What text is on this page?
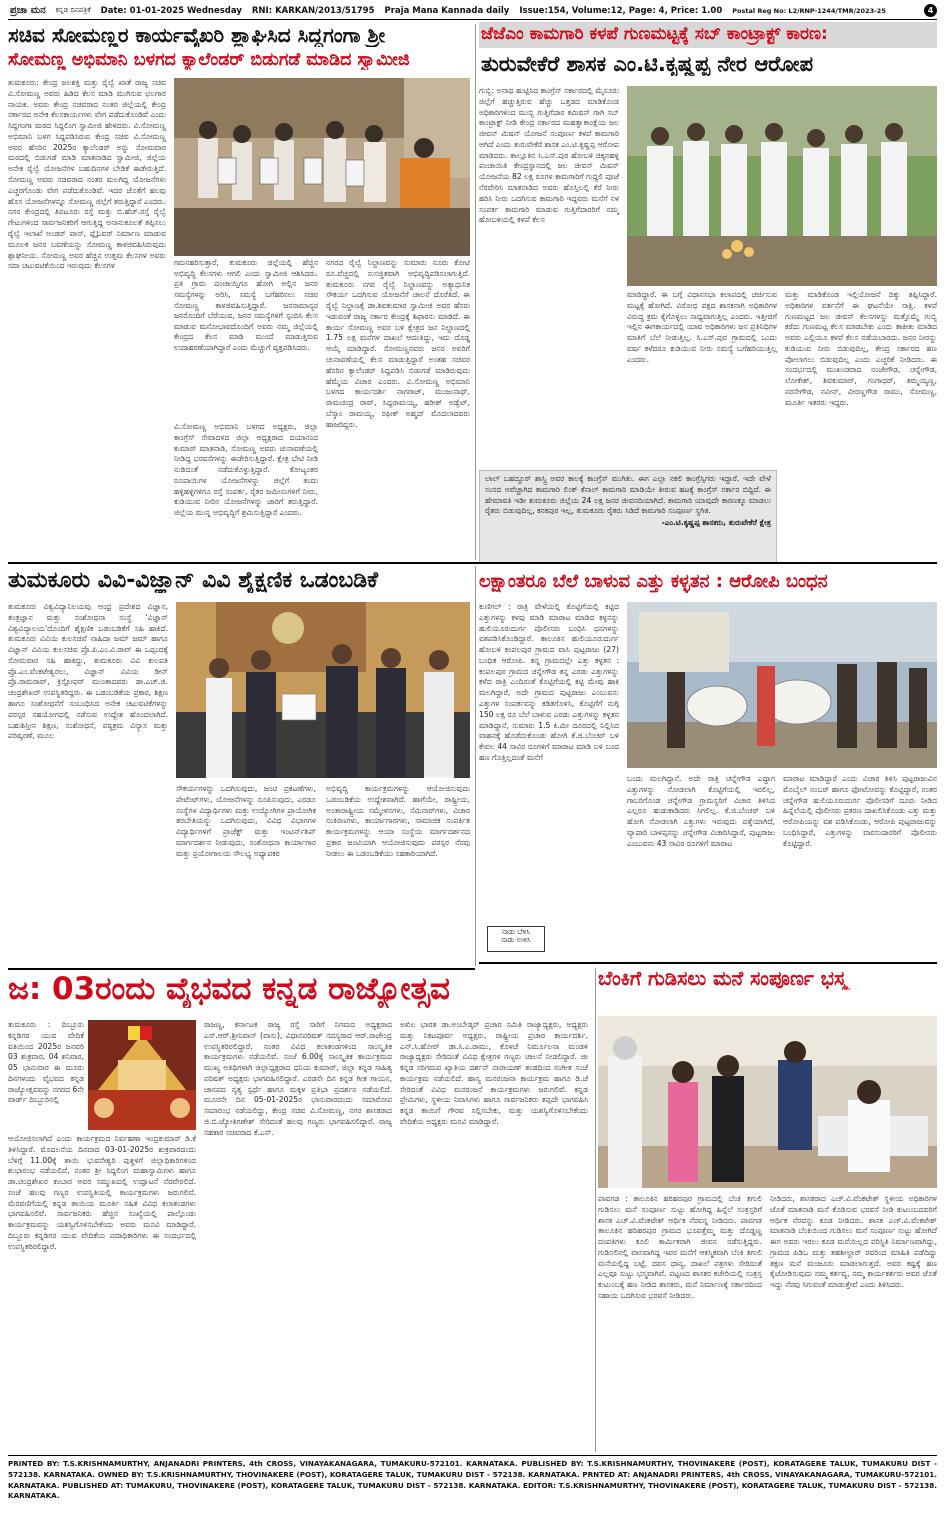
ಪ್ರಜಾ ಮನ ಕನ್ನಡ ದಿನಪತ್ರಿಕೆ Date: 01-01-2025 Wednesday RNI: KARKAN/2013/51795 Praja Mana Kannada daily Issue:154, Volume:12, Page: 4, Price: 1.00 Postal Reg No: L2/RNP-1244/TMR/2023-25	4
ಸಚಿವ ಸೋಮಣ್ಣರ ಕಾರ್ಯವೈಖರಿ ಶ್ಲಾಘಿಸಿದ ಸಿದ್ದಗಂಗಾ ಶ್ರೀ
ಸೋಮಣ್ಣ ಅಭಿಮಾನಿ ಬಳಗದ ಕ್ಯಾಲೆಂಡರ್ ಬಿಡುಗಡೆ ಮಾಡಿದ ಸ್ವಾಮೀಜಿ
ತುಮಕೂರು: ಕೇಂದ್ರ ಜಲಶಕ್ತಿ ಮತ್ತು ರೈಲ್ವೆ ಖಾತೆ ರಾಜ್ಯ ಸಚಿವ ವಿ.ಸೋಮಣ್ಣ ಅವರು ಹಿಡಿದ ಕೆಲಸ ಮಾಡಿ ಮುಗಿಸುವ ಛಲಗಾರ ನಾಯಕ. ಅವರು ಕೇಂದ್ರ ಸಚಿವರಾದ ನಂತರ ಜಿಲ್ಲೆಯಲ್ಲಿ ಕೇಂದ್ರ ಸರ್ಕಾರದ ಅನೇಕ ಕೆಲಸಕಾರ್ಯಗಳು ವೇಗ ಪಡೆದುಕೊಂಡಿವೆ ಎಂದು ಸಿದ್ದಗಂಗಾ ಮಠದ ಸಿದ್ದಲಿಂಗ ಸ್ವಾಮೀಜಿ ಹೇಳಿದರು. ವಿ.ಸೋಮಣ್ಣ ಅಭಿಮಾನಿ ಬಳಗ ಸಿದ್ದಪಡಿಸಿರುವ ಕೇಂದ್ರ ಸಚಿವ ವಿ.ಸೋಮಣ್ಣ ಅವರ ಹೆಸರಿನ 2025ರ ಕ್ಯಾಲೆಂಡರ್ ಅನ್ನು ಸೋಮವಾರ ಮಠದಲ್ಲಿ ಬಿಡುಗಡೆ ಮಾಡಿ ಮಾತನಾಡಿದ ಸ್ವಾಮೀಜಿ, ಜಿಲ್ಲೆಯ ಅನೇಕ ರೈಲ್ವೆ ಯೋಜನೆಗಳ ಬಹುದಿನಗಳ ಬೇಡಿಕೆ ಈಡೇರುತ್ತಿದೆ. ಸೋಮಣ್ಣ ಅವರು ಸಚಿವರಾದ ನಂತರ ಮಲಗಿದ್ದ ಯೋಜನೆಗಳು ಎಚ್ಚರಗೊಂಡು ವೇಗ ಪಡೆದುಕೊಂಡಿವೆ. ಇದರ ಜೊತೆಗೆ ಹಲವು ಹೊಸ ಯೋಜನೆಗಳನ್ನೂ ಸೋಮಣ್ಣ ಜಿಲ್ಲೆಗೆ ತರುತ್ತಿದ್ದಾರೆ ಎಂದರು. ನಗರ ಕೇಂದ್ರದಲ್ಲಿ ತಿಪಟೂರು ರಸ್ತೆ ಮತ್ತು ಬಿ.ಹೆಚ್.ರಸ್ತೆ ರೈಲ್ವೆ ಗೇಟುಗಳಿಂದ ಸಾರ್ವಜನಿಕರಿಗೆ ಆಗುತ್ತಿದ್ದ ಅನಾನುಕೂಲತೆ ತಪ್ಪಿಸಲು ರೈಲ್ವೆ ಇಲಾಖೆ ಅಂಡರ್ ಪಾಸ್, ಫ್ಲೈಓವರ್ ನಿರ್ಮಾಣ ಮಾಡುವ ಮೂಲಕ ಜನರ ಬವಣೆಯನ್ನು ಸೋಮಣ್ಣ ಕಾಳಜಿವಹಿಸಿರುವುದು ಶ್ಲಾಘನೀಯ. ಸೋಮಣ್ಣ ಅವರ ಹೆಚ್ಚಿನ ಉತ್ತಮ ಕೆಲಸಗಳ ಅವರು ಸದಾ ಚಟುವಟಿಕೆಯಿಂದ ಇರುವುದು ಕೆಲಸಗಳ	ಗಮನಹರಿಸುತ್ತಾರೆ, ತುಮಕೂರು ಜಿಲ್ಲೆಯಲ್ಲಿ ಹೆಚ್ಚಿನ ಅಭಿವೃದ್ಧಿ ಕೆಲಸಗಳು ಆಗಲಿ ಎಂದು ಸ್ವಾಮೀಜಿ ಆಶಿಸಿದರು. ಪ್ರತಿ ಗ್ರಾಮ ಪಂಚಾಯ್ತಿಗೂ ಹೋಗಿ ಅಲ್ಲಿನ ಜನರ ಸಮಸ್ಯೆಗಳನ್ನು ಅರಿಸಿ, ಸಮಸ್ಯೆ ಬಗೆಹರಿಸಲು ಸಚಿವ ಸೋಮಣ್ಣ ಕಾಳಜಿವಹಿಸುತ್ತಿದ್ದಾರೆ. ಜನಸಾಮಾನ್ಯರ ಜನರೊಂದಿಗೆ ಬೆರೆಯುವ, ಜನರ ಸಮಸ್ಯೆಗಳಿಗೆ ಸ್ಪಂದಿಸಿ ಕೆಲಸ ಮಾಡುವ ಮನೋಭಾವದೊಂದಿಗೆ ಅವರು ನಮ್ಮ ಜಿಲ್ಲೆಯಲ್ಲಿ ಕೇಂದ್ರದ ಕೆಲಸ ಮಾಡಿ ಮುಂದೆ ಮಾಡುತ್ತಿರುವ ಉದಾಹರಣೆಯಾಗಿದ್ದಾರೆ ಎಂದು ಮೆಚ್ಚುಗೆ ವ್ಯಕ್ತಪಡಿಸಿದರು.
ವಿ.ಸೋಮಣ್ಣ ಅಭಿಮಾನಿ ಬಳಗದ ಅಧ್ಯಕ್ಷರು, ಜಿಲ್ಲಾ ಕಾಂಗ್ರೆಸ್ ಸೇವಾದಳದ ಜಿಲ್ಲಾ ಅಧ್ಯಕ್ಷರಾದ ದಯಾನಂದ ಕುಮಾರ್ ಮಾತನಾಡಿ, ಸೋಮಣ್ಣ ಅವರು ಚುನಾವಣೆಯಲ್ಲಿ ನೀಡಿದ್ದ ಭರವಸೆಗಳನ್ನು ಈಡೇರಿಸುತ್ತಿದ್ದಾರೆ. ಕ್ಷೇತ್ರ ಭೇಟಿ ನೀಡಿ ನುಡಿದಂತೆ ನಡೆದುಕೊಳ್ಳುತ್ತಿದ್ದಾರೆ. ಕೋಟ್ಯಂತರ ರೂಪಾಯಿಗಳ ಯೋಜನೆಗಳನ್ನು ಜಿಲ್ಲೆಗೆ ತಂದು ಹಳ್ಳಿಹಳ್ಳಿಗಳಿಗೂ ರಸ್ತೆ ಸಂಪರ್ಕ, ರೈತರ ಜಮೀನುಗಳಿಗೆ ನೀರು, ಕುಡಿಯುವ ನೀರಿನ ಯೋಜನೆಗಳನ್ನು ಜಾರಿಗೆ ತರುತ್ತಿದ್ದಾರೆ. ಜಿಲ್ಲೆಯ ಮುನ್ನ ಅಭಿವೃದ್ಧಿಗೆ ಶ್ರಮಿಸುತ್ತಿದ್ದಾರೆ ಎಂದರು.
ನಗರದ ರೈಲ್ವೆ ನಿಲ್ದಾಣವನ್ನು ಸುಮಾರು ನೂರು ಕೋಟಿ ರೂ.ವೆಚ್ಚದಲ್ಲಿ ಸುಸಜ್ಜಿತವಾಗಿ ಅಭಿವೃದ್ಧಿಪಡಿಸಲಾಗುತ್ತಿದೆ. ತುಮಕೂರು ನಗರ ರೈಲ್ವೆ ನಿಲ್ದಾಣವನ್ನು ಅತ್ಯಾಧುನಿಕ ಸೌಕರ್ಯ ಒದಗಿಸುವ ಯೋಜನೆಗೆ ಚಾಲನೆ ದೊರೆತಿದೆ. ಈ ರೈಲ್ವೆ ನಿಲ್ದಾಣಕ್ಕೆ ಡಾ.ಶಿವಕುಮಾರ ಸ್ವಾಮೀಜಿ ಅವರ ಹೆಸರು ಇಡುವಂತೆ ರಾಜ್ಯ ಸರ್ಕಾರ ಕೇಂದ್ರಕ್ಕೆ ಶಿಫಾರಸು ಮಾಡಿದೆ. ಈ ಕಾರ್ಯ ಸೋಮಣ್ಣ ಅವರ ಬಳಿ ಕ್ಷೇತ್ರದ ಜನ ನಿಲ್ದಾಣದಲ್ಲಿ 1.75 ಲಕ್ಷ ಮನೆಗಳ ದಾಖಲೆ ಆದಂತಿದ್ದು, ಇದು ದೊಡ್ಡ ಆಯ್ಕೆ ಮಾಡಿದ್ದಾರೆ. ಸೋಮಣ್ಣನವರು ಜನರ ಅವರಿಗೆ ಚುನಾವಣೆಯಲ್ಲಿ ಕೆಲಸ ಮಾಡುತ್ತಿದ್ದಾರೆ ಅಂತಹ ಸಚಿವರ ಹೆಸರಿನ ಕ್ಯಾಲೆಂಡರ್ ಸಿದ್ದಪಡಿಸಿ ಬಿಡುಗಡೆ ಮಾಡಿರುವುದು ಹೆಮ್ಮೆಯ ವಿಚಾರ ಎಂದರು. ವಿ.ಸೋಮಣ್ಣ ಅಭಿಮಾನಿ ಬಳಗದ ಕಾರ್ಯದರ್ಶಿ ನಾಗರಾಜ್, ಮಂಜುನಾಥ್, ರಾಮಚಂದ್ರ ರಾವ್, ಸಿದ್ದರಾಮಯ್ಯ, ಹರೀಶ್ ಅಡ್ವೆಟ್, ಬೆಸ್ಕಾಂ ರಾಮಯ್ಯ, ರಫೀಕ್ ಅಹ್ಮದ್ ಮೊದಲಾದವರು ಹಾಜರಿದ್ದರು.
ಜೆಜೆಎಂ ಕಾಮಗಾರಿ ಕಳಪೆ ಗುಣಮಟ್ಟಕ್ಕೆ ಸಬ್ ಕಾಂಟ್ರಾಕ್ಟ್ ಕಾರಣ:
ತುರುವೇಕೆರೆ ಶಾಸಕ ಎಂ.ಟಿ.ಕೃಷ್ಣಪ್ಪ ನೇರ ಆರೋಪ
ಗುಬ್ಬಿ: ಅನಾಥ ಹುಟ್ಟಿಸಿದ ಕಾಂಗ್ರೆಸ್ ಸರ್ಕಾರದಲ್ಲಿ ಮೈಸೂರು ಜಿಲ್ಲೆಗೆ ಹಚ್ಚುತ್ತಿರುವ ಹೆಚ್ಚು ಒತ್ತಡದ ಮಾಡಿಕೊಂಡ ಅಧಿಕಾರಿಗಳಿಂದ ಮುಬ್ಬಿ ಗುತ್ತಿಗೆದಾರ ಕಮಿಷನ್ ಗಾಗಿ ಸಬ್ ಕಾಂಟ್ರಾಕ್ಟ್ ನೀಡಿ ಕೇಂದ್ರ ಸರ್ಕಾರದ ಮಹತ್ವಾಕಾಂಕ್ಷೆಯ ಜಲ ಜೀವನ್ ಮಿಷನ್ ಯೋಜನೆ ಸಂಪೂರ್ಣ ಕಳಪೆ ಕಾಮಗಾರಿ ಆಗಿದೆ ಎಂದು ತುರುವೇಕೆರೆ ಶಾಸಕ ಎಂ.ಟಿ.ಕೃಷ್ಣಪ್ಪ ಆರೋಪ ಮಾಡಿದರು. ತಾಲ್ಲೂಕಿನ ಸಿ.ಎಸ್.ಪುರ ಹೋಬಳಿ ಚಿಕ್ಕನಹಳ್ಳಿ ಪಂಚಾಯಿತಿ ಕೇಂದ್ರಸ್ಥಾನದಲ್ಲಿ ಜಲ ಜೀವನ್ ಮಿಷನ್ ಯೋಜನೆಯ 82 ಲಕ್ಷ ರೂಗಳ ಕಾಮಗಾರಿಗೆ ಗುದ್ದಲಿ ಪೂಜೆ ನೆರವೇರಿಸಿ ಮಾತನಾಡಿದ ಅವರು ಹೊಸ್ತಿಲಲ್ಲಿ ಕೆರೆ ನೀರು ಹರಿಸಿ ನೀರು ಒದಗಿಸುವ ಕಾಮಗಾರಿ ಇದ್ದವರು ಮನೆಗೆ ನಳ ಸಂಪರ್ಕ ಕಾಮಗಾರಿ ಮಾಡುವ ಗುತ್ತಿಗೆದಾರರಿಗೆ ನಮ್ಮ ಹೋಬಳಿಯಲ್ಲಿ ಕಳಪೆ ಕೆಲಸ
ಮಾಡಿದ್ದಾರೆ. ಈ ಬಗ್ಗೆ ವಿಧಾನಸಭಾ ಕಲಾಪದಲ್ಲಿ ಚರ್ಚಿಸುವ ಮಟ್ಟಕ್ಕೆ ಹೋಗಿದೆ. ವಿರೋಧ ಪಕ್ಷದ ಶಾಸಕನಾಗಿ ಅಧಿಕಾರಿಗಳ ವಿರುದ್ಧ ಕ್ರಮ ಕೈಗೊಳ್ಳಲು ಸಾಧ್ಯವಾಗುತ್ತಿಲ್ಲ ಎಂದರು. ಇತ್ತೀಚಿಗೆ ಇಲ್ಲಿನ ಈಗಕಾರ್ಯದಲ್ಲಿ ಯಾವ ಅಧಿಕಾರಿಗಳು ಜನ ಪ್ರತಿನಿಧಿಗಳ ಮಾತಿಗೆ ಬೆಲೆ ನೀಡುತ್ತಿಲ್ಲ. ಸಿ.ಎಸ್.ಪುರ ಗ್ರಾಮದಲ್ಲಿ ಒಂದು ವರ್ಷ ಕಳೆದರೂ ಕುಡಿಯುವ ನೀರು ಸಮಸ್ಯೆ ಬಗೆಹರಿಯುತ್ತಿಲ್ಲ ಎಂದರು.
ಮತ್ತು ಮಾಡಿಕೊಂಡ ಇಲ್ಲಿಯೋಜನೆ ದಿಕ್ಕು ತಪ್ಪಿಸಿದ್ದಾರೆ. ಅಧಿಕಾರಿಗಳ ವರ್ತನೆಗೆ ಈ ಘಟನೆಯೇ ಸಾಕ್ಷಿ. ಕಳಪೆ ಗುಣಮಟ್ಟದ ಜಲ ಜೀವನ್ ಕೆಲಸಗಳನ್ನು ಮತ್ತೊಮ್ಮೆ ಗುಬ್ಬಿ ಕರೆದು ಗುಣಮಟ್ಟ ಕೆಲಸ ಮಾಡಬೇಕು ಎಂದು ತಾಕೀತು ಮಾಡಿದ ಅವರು ಎಲ್ಲಿಯೂ ಕಳಪೆ ಕೆಲಸ ನಡೆಯಬಾರದು. ಜನರ ನೀರನ್ನು ಕುಡಿಯುವ ನೀರು ಬಿಡುವುದಿಲ್ಲ, ಕೇಂದ್ರ ಸರ್ಕಾರದ ಹಣ ಪೋಲಾಗಲು ಬಿಡುವುದಿಲ್ಲ ಎಂದು ಎಚ್ಚರಿಕೆ ನೀಡಿದರು. ಈ ಸಂದರ್ಭದಲ್ಲಿ ಮುಖಂಡರಾದ ನಂಜೇಗೌಡ, ಚನ್ನೇಗೌಡ, ಲೋಕೇಶ್, ಶಿವಕುಮಾರ್, ಗಂಗಾಧರ್, ತಮ್ಮಯ್ಯಣ್ಣ, ನರಸೇಗೌಡ, ನವೀನ್, ವೀರಣ್ಣಗೌಡ ರಾಮು, ಸೋಮಣ್ಣ, ಮೂರ್ತಿ ಇತರರು ಇದ್ದರು.
ಲಾಲ್ ಬಹದ್ದೂರ್ ಶಾಸ್ತ್ರಿ ಅವರ ಕಾಲಕ್ಕೆ ಕಾಂಗ್ರೆಸ್ ಮುಗಿತು. ಈಗ ಎಲ್ಲಾ ನಕಲಿ ಕಾಂಗ್ರೆಸ್ಸಿಗರು ಇದ್ದಾರೆ. ಇದೇ ವೇಳೆ ಸಂಸದ ಅವೆಚ್ಚಾಗಿದ ಕಾಮಗಾರಿ ಲಿಂಕ್ ಕೆನಾಲ್ ಕಾಮಗಾರಿ ಮಾಡಿಯೇ ತೀರುವ ಹಟಕ್ಕೆ ಕಾಂಗ್ರೆಸ್ ಸರ್ಕಾರ ಬಿದ್ದಿದೆ. ಈ ಹೇಮಾವತಿ ಇಡೀ ತುಮಕೂರು ಜಿಲ್ಲೆಯ 24 ಲಕ್ಷ ಜನರ ಜೀವನದಿಯಾಗಿದೆ. ಕಾಮಗಾರಿ ಯಾವುದೇ ಕಾರಣಕ್ಕೂ ಮಾಡಲು ರೈತರು ಬಿಡುವುದಿಲ್ಲ, ಕನಕಪುರ ಇಲ್ಲ, ತುಮಕೂರು ರೈತರು ಸಿಡಿದೆ ಕಾಮಗಾರಿ ಸಂಪೂರ್ಣ ಸ್ಥಗಿತ.
-ಎಂ.ಟಿ.ಕೃಷ್ಣಪ್ಪ ಶಾಸಕರು, ತುರುವೇಕೆರೆ ಕ್ಷೇತ್ರ
ತುಮಕೂರು ವಿವಿ-ವಿಜ್ಞಾನ್ ವಿವಿ ಶೈಕ್ಷಣಿಕ ಒಡಂಬಡಿಕೆ
ತುಮಕೂರು ವಿಶ್ವವಿದ್ಯಾನಿಲಯವು ಆಂಧ್ರ ಪ್ರದೇಶದ ವಿಜ್ಞಾನ, ತಂತ್ರಜ್ಞಾನ ಮತ್ತು ಸಂಶೋಧನಾ ಸಂಸ್ಥೆ 'ವಿಜ್ಞಾನ್ ವಿಶ್ವವಿದ್ಯಾಲಯ'ದೊಂದಿಗೆ ಶೈಕ್ಷಣಿಕ ಒಡಂಬಡಿಕೆಗೆ ಸಹಿ ಹಾಕಿದೆ. ತುಮಕೂರು ವಿವಿಯ ಕುಲಸಚಿವೆ ನಾಹಿದಾ ಜಮ್ ಜಮ್ ಹಾಗೂ ವಿಜ್ಞಾನ್ ವಿವಿಯ ಕುಲಸಚಿವ ಪ್ರೊ.ಪಿ.ಎಂ.ವಿ.ರಾವ್ ಈ ಒಪ್ಪಂದಕ್ಕೆ ಸೋಮವಾರ ಸಹಿ ಹಾಕಿದ್ದು, ತುಮಕೂರು ವಿವಿ ಕುಲಪತಿ ಪ್ರೊ.ಎಂ.ವೆಂಕಟೇಶ್ವರಲು, ವಿಜ್ಞಾನ್ ವಿವಿಯ ಡೀನ್ ಪ್ರೊ.ರಾಮರಾವ್, ಕ್ರಿಸ್ಟೋಫರ್ ಮುಂತಾದವರು ಡಾ.ಎಚ್.ಜಿ. ಚಂದ್ರಶೇಖರ್ ಉಪಸ್ಥಿತರಿದ್ದರು. ಈ ಒಡಂಬಡಿಕೆಯ ಪ್ರಕಾರ, ಶಿಕ್ಷಣ ಹಾಗೂ ಸಂಶೋಧನೆಗೆ ಸಂಬಂಧಿಸಿದ ಅನೇಕ ಚಟುವಟಿಕೆಗಳನ್ನು ಪರಸ್ಪರ ಸಹಯೋಗದಲ್ಲಿ ನಡೆಸುವ ಉದ್ದೇಶ ಹೊಂದಲಾಗಿದೆ. ಬಹುಶಿಸ್ತೀನ ಶಿಕ್ಷಣ, ಸಂಶೋಧನೆ, ಪಠ್ಯಕ್ರಮ ವಿನ್ಯಾಸ ಮತ್ತು ಪರಿಷ್ಕರಣೆ, ಮೂಲ
ಸೌಕರ್ಯಗಳನ್ನು ಒದಗಿಸುವುದು, ಜಂಟಿ ಪ್ರಕಟಣೆಗಳು, ಪೇಟೆಂಟ್‌ಗಳು, ಯೋಜನೆಗಳನ್ನು ರೂಪಿಸುವುದು, ಎರಡೂ ಸಂಸ್ಥೆಗಳ ವಿದ್ಯಾರ್ಥಿಗಳು ಮತ್ತು ಉದ್ಯೋಗಿಗಳ ಪ್ರಾಯೋಗಿಕ ತರಬೇತಿಯನ್ನು ಒದಗಿಸುವುದು, ವಿವಿಧ ವಿಭಾಗಗಳ ವಿದ್ಯಾರ್ಥಿಗಳಿಗೆ ಪ್ರಾಜೆಕ್ಟ್ ಮತ್ತು ಇಂಟರ್ನ್‌ಶಿಪ್ ಮಾರ್ಗದರ್ಶನ ನೀಡುವುದು, ಸಂಶೋಧನಾ ಕಾರ್ಯಾಗಾರ ಮತ್ತು ಪ್ರಯೋಗಾಲಯ ಸೌಲಭ್ಯ ಅಧ್ಯಾಪಕರ
ಅಭಿವೃದ್ಧಿ ಕಾರ್ಯಕ್ರಮಗಳನ್ನು ಆಯೋಜಿಸುವುದು ಒಡಂಬಡಿಕೆಯ ಉದ್ದೇಶವಾಗಿದೆ. ಹಾಗೆಯೇ, ರಾಷ್ಟ್ರೀಯ, ಅಂತಾರಾಷ್ಟ್ರೀಯ ಸಮ್ಮೇಳನಗಳು, ಸೆಮಿನಾರ್‌ಗಳು, ವಿಚಾರ ಸಂಕಿರಣಗಳು, ಕಾರ್ಯಾಗಾರಗಳು, ಸಾಮಾಜಿಕ ಸಂಪರ್ಕಿತ ಕಾರ್ಯಕ್ರಮಗಳನ್ನು ಆಯಾ ಸಂಸ್ಥೆಯ ಮಾರ್ಗದರ್ಶನದ ಪ್ರಕಾರ ಜಂಟಿಯಾಗಿ ಆಯೋಜಿಸುವುದು ಪರಸ್ಪರ ನೆರವು ನೀಡಲು ಈ ಒಡಂಬಡಿಕೆಯು ಸಹಕಾರಿಯಾಗಿದೆ.
ಲಕ್ಷಾಂತರೂ ಬೆಲೆ ಬಾಳುವ ಎತ್ತು ಕಳ್ಳತನ : ಆರೋಪಿ ಬಂಧನ
ಕುಣಿಗಲ್ : ರಾತ್ರಿ ವೇಳೆಯಲ್ಲಿ ಕೊಟ್ಟಿಗೆಯಲ್ಲಿ ಕಟ್ಟಿದ ಎತ್ತುಗಳನ್ನು ಕಳವು ಮಾಡಿ ಮಾರಾಟ ಮಾಡಿದ ಕಳ್ಳನನ್ನು ಹುಲಿಯೂರುದುರ್ಗ ಪೊಲೀಸರು ಬಂಧಿಸಿ ಧನಗಳನ್ನು ವಶಪಡಿಸಿಕೊಂಡಿದ್ದಾರೆ. ತಾಲೂಕಿನ ಹುಲಿಯೂರುದುರ್ಗ ಹೋಬಳಿ ಕಂಪಲಪುರ ಗ್ರಾಮದ ವಾಸಿ ಪುಟ್ಟರಾಜು (27) ಬಂಧಿತ ಆರೋಪಿ. ತನ್ನ ಗ್ರಾಮದಲ್ಲೇ ಎತ್ತು ಕಳ್ಳತನ : ಕಂಪಲಪುರ ಗ್ರಾಮದ ಚನ್ನೇಗೌಡ ತನ್ನ ಎರಡು ಎತ್ತುಗಳನ್ನು ಕಳೆದ ರಾತ್ರಿ ಎಂದಿನಂತೆ ಕೊಟ್ಟಿಗೆಯಲ್ಲಿ ಕಟ್ಟಿ ಮೇವು ಹಾಕಿ ಮಲಗಿದ್ದಾರೆ, ಅದೇ ಗ್ರಾಮದ ಪುಟ್ಟರಾಜು ಎಂಬುವನು ಎತ್ತುಗಳ ಸಂಪರ್ಕವನ್ನು ಕಡಿತಗೊಳಿಸಿ, ಕೊಟ್ಟಿಗೆಗೆ ನುಗ್ಗಿ 150 ಲಕ್ಷ ರೂ ಬೆಲೆ ಬಾಳುವ ಎರಡು ಎತ್ತುಗಳನ್ನು ಕಳ್ಳತನ ಮಾಡಿದ್ದಾನೆ, ಸುಮಾರು 1.5 ಕಿ.ಮೀ ದೂರದಲ್ಲಿ ನಿಲ್ಲಿಸಿದ ವಾಹನಕ್ಕೆ ಹೊಡೆದುಕೊಂಡು ಹೋಗಿ ಕೆ.ಜಿ.ಬೆಂಚರ್ ಬಳಿ ಕೇವಲ 44 ಸಾವಿರ ರೂಗಳಿಗೆ ಮಾರಾಟ ಮಾಡಿ ಬಳಿ ಬಂದ ಹಣ ಗೊತ್ತಿಲ್ಲದಂತೆ ಮನೆಗೆ
ನಾಡು ಬೆಳಿಸಿ
ನಾಡು ಉಳಿಸಿ
ಬಂದು ಮಲಗಿದ್ದಾನೆ. ಅದೇ ರಾತ್ರಿ ಚನ್ನೇಗೌಡ ಎದ್ದಾಗ ಎತ್ತುಗಳನ್ನು ನೋಡಲಾಗಿ ಕೊಟ್ಟಿಗೆಯಲ್ಲಿ ಇರಲಿಲ್ಲ, ಗಾಬರಿಗೊಂಡ ಚನ್ನೇಗೌಡ ಗ್ರಾಮಸ್ಥರಿಗೆ ವಿಚಾರ ತಿಳಿಸಿದ ಎಲ್ಲರೂ ಹುಡುಕಾಡಿದರು ಸಿಗಲಿಲ್ಲ. ಕೆ.ಜಿ.ಬೆಂಚರ್ ಬಳಿ ಹೋಗಿ ನೋಡಲಾಗಿ ಎತ್ತುಗಳು ಇರುವುದು ಪತ್ತೆಯಾಗಿದೆ, ವ್ಯಾಪಾರಿ ಬಾಳಪ್ಪನನ್ನು ಚನ್ನೇಗೌಡ ವಿಚಾರಿಸಿದ್ದಾರೆ, ಪುಟ್ಟರಾಜು ಎಂಬುವನು 43 ಸಾವಿರ ರೂಗಳಿಗೆ ಮಾರಾಟ
ಮಾರಾಟ ಮಾಡಿದ್ದಾರೆ ಎಂದು ವಿಚಾರ ತಿಳಿಸಿ ಪುಟ್ಟರಾಜುವಿನ ಮೊಬೈಲ್ ನಂಬರ್ ಹಾಗೂ ಫೋಟೋವನ್ನು ಕೊಟ್ಟಿದ್ದಾರೆ, ನಂತರ ಚನ್ನೇಗೌಡ ಹುಲಿಯೂರುದುರ್ಗ ಪೊಲೀಸರಿಗೆ ದೂರು ನೀಡಿದ ಹಿನ್ನೆಲೆಯಲ್ಲಿ ಪೊಲೀಸರು ಪ್ರಕರಣ ದಾಖಲಿಸಿಕೊಂಡು ಎತ್ತು ಮತ್ತು ಆರೋಪಿಯನ್ನು ವಶ ಪಡಿಸಿಕೊಂಡು, ಆರೋಪಿ ಪುಟ್ಟರಾಜುವನ್ನು ಬಂಧಿಸಿದ್ದಾರೆ, ಎತ್ತುಗಳನ್ನು ವಾರಸುದಾರರಿಗೆ ಪೊಲೀಸರು ಕೊಟ್ಟಿದ್ದಾರೆ.
ಜ: 03ರಂದು ವೈಭವದ ಕನ್ನಡ ರಾಜ್ಯೋತ್ಸವ
ತುಮಕೂರು : ದಿಬ್ಬೂರು ಕನ್ನಡಿಗರ ಯುವ ವೇದಿಕೆ ವತಿಯಿಂದ 2025ರ ಜನವರಿ 03 ಶುಕ್ರವಾರ, 04 ಶನಿವಾರ, 05 ಭಾನುವಾರ ಈ ಮೂರು ದಿನಗಳಂದು ವೈಭವದ ಕನ್ನಡ ರಾಜ್ಯೋತ್ಸವವನ್ನು ನಗರದ 6ನೇ ವಾರ್ಡ್ ದಿಬ್ಬೂರಿನಲ್ಲಿ
ಆಯೋಜಿಸಲಾಗಿದೆ ಎಂದು ಕಾರ್ಯಕ್ರಮದ ನಿರ್ವಹಣಾ ಇಂದ್ರಕುಮಾರ್ ಡಿ.ಕೆ ತಿಳಿಸಿದ್ದಾರೆ. ಮೊದಲನೆಯ ದಿನವಾದ 03-01-2025ರ ಶುಕ್ರವಾರದಂದು ಬೆಳಿಗ್ಗೆ 11.00ಕ್ಕೆ ತಾಯಿ ಭುವನೇಶ್ವರಿ ಪುತ್ಥಳಿಗೆ ಜಿಲ್ಲಾಧಿಕಾರಿಗಳಿಂದ ಶುಭಾರಂಭ ನಡೆಯಲಿದೆ, ನಂತರ ಶ್ರೀ ಸಿದ್ದಲಿಂಗ ಮಹಾಸ್ವಾಮಿಗಳು ಹಾಗೂ ಡಾ.ಚಂದ್ರಶೇಖರ ಕಂಬಾರ ಅವರ ಸಮ್ಮುಖದಲ್ಲಿ ಉದ್ಘಾಟನೆ ನೆರವೇರಲಿದೆ. ಸಂಜೆ ಹಲವು ಗಣ್ಯರ ಉಪಸ್ಥಿತಿಯಲ್ಲಿ ಕಾರ್ಯಕ್ರಮಗಳು ಜರುಗಲಿವೆ. ಮೆರವಣಿಗೆಯಲ್ಲಿ ಕನ್ನಡ ತಾಯಿಯ ಮೂರ್ತಿ ಸಹಿತ ವಿವಿಧ ಕಲಾತಂಡಗಳು ಭಾಗವಹಿಸಲಿವೆ. ಸಾರ್ವಜನಿಕರು ಹೆಚ್ಚಿನ ಸಂಖ್ಯೆಯಲ್ಲಿ ಪಾಲ್ಗೊಂಡು ಕಾರ್ಯಕ್ರಮವನ್ನು ಯಶಸ್ವಿಗೊಳಿಸಬೇಕೆಂದು ಅವರು ಮನವಿ ಮಾಡಿದ್ದಾರೆ. ದಿಬ್ಬೂರು ಕನ್ನಡಿಗರ ಯುವ ವೇದಿಕೆಯ ಪದಾಧಿಕಾರಿಗಳು ಈ ಸಂದರ್ಭದಲ್ಲಿ ಉಪಸ್ಥಿತರಿರಲಿದ್ದಾರೆ.
ರಾಜಣ್ಣ, ಕರ್ನಾಟಕ ರಾಜ್ಯ ರಸ್ತೆ ಸಾರಿಗೆ ನಿಗಮದ ಅಧ್ಯಕ್ಷರಾದ ಎಸ್.ಆರ್.ಶ್ರೀನಿವಾಸ್ (ವಾಸು), ವಿಧಾನಪರಿಷತ್ ಸದಸ್ಯರಾದ ಆರ್.ರಾಜೇಂದ್ರ ಉಪಸ್ಥಿತರಿರಲಿದ್ದಾರೆ. ನಂತರ ವಿವಿಧ ಕಲಾತಂಡಗಳಿಂದ ಸಾಂಸ್ಕೃತಿಕ ಕಾರ್ಯಕ್ರಮಗಳು ನಡೆಯಲಿವೆ. ಸಂಜೆ 6.00ಕ್ಕೆ ಸಾಂಸ್ಕೃತಿಕ ಕಾರ್ಯಕ್ರಮದ ಮುಖ್ಯ ಅತಿಥಿಗಳಾಗಿ ಜಿಲ್ಲಾಧ್ಯಕ್ಷರಾದ ಧನಿಯ ಕುಮಾರ್, ಜಿಲ್ಲಾ ಕನ್ನಡ ಸಾಹಿತ್ಯ ಪರಿಷತ್ ಅಧ್ಯಕ್ಷರು ಭಾಗವಹಿಸಲಿದ್ದಾರೆ. ಎರಡನೇ ದಿನ ಕನ್ನಡ ಗೀತ ಗಾಯನ, ಜಾನಪದ ನೃತ್ಯ ಸ್ಪರ್ಧೆ ಹಾಗೂ ಮಕ್ಕಳ ಪ್ರತಿಭಾ ಪ್ರದರ್ಶನ ನಡೆಯಲಿದೆ. ಮೂರನೇ ದಿನ 05-01-2025ರ ಭಾನುವಾರದಂದು ಸಮಾರೋಪ ಸಮಾರಂಭ ನಡೆಯಲಿದ್ದು, ಕೇಂದ್ರ ಸಚಿವ ವಿ.ಸೋಮಣ್ಣ, ನಗರ ಶಾಸಕರಾದ ಜಿ.ಬಿ.ಜ್ಯೋತಿಗಣೇಶ್ ಸೇರಿದಂತೆ ಹಲವು ಗಣ್ಯರು ಭಾಗವಹಿಸಲಿದ್ದಾರೆ. ರಾಜ್ಯ ಸಹಕಾರ ಸಚಿವರಾದ ಕೆ.ಎನ್.
ಅಖಿಲ ಭಾರತ ಡಾ.ಅಂಬೇಡ್ಕರ್ ಪ್ರಚಾರ ಸಮಿತಿ ರಾಜ್ಯಾಧ್ಯಕ್ಷರು, ಅಧ್ಯಕ್ಷರು ಮತ್ತು ನಿಕಟಪೂರ್ವ ಅಧ್ಯಕ್ಷರು, ರಾಷ್ಟ್ರೀಯ ಪ್ರಚಾರ ಕಾರ್ಯದರ್ಶಿ, ಎನ್.ಸಿ.ಹೋರ್ ಡಾ.ಸಿ.ಎ.ರಾಮು, ಕೊಳಚೆ ನಿರ್ಮೂಲನಾ ಮಂಡಳಿ ರಾಜ್ಯಾಧ್ಯಕ್ಷರು ಸೇರಿದಂತೆ ವಿವಿಧ ಕ್ಷೇತ್ರಗಳ ಗಣ್ಯರು ಚಾಲನೆ ನೀಡಲಿದ್ದಾರೆ. ಜೀ ಕನ್ನಡ ಸರಿಗಮಪ ಖ್ಯಾತಿಯ ದರ್ಶನ್ ನಾರಾಯಣ್ ತಂಡದಿಂದ ಸಂಗೀತ ಸಂಜೆ ಕಾರ್ಯಕ್ರಮ ನಡೆಯಲಿದೆ. ಹಾಸ್ಯ ಮನರಂಜನಾ ಕಾರ್ಯಕ್ರಮ ಹಾಗೂ ಡಿ.ಜೆ ಸೇರಿದಂತೆ ವಿವಿಧ ಮನರಂಜನೆ ಕಾರ್ಯಕ್ರಮಗಳು ಜರುಗಲಿವೆ. ಕನ್ನಡ ಪ್ರೇಮಿಗಳು, ಸ್ಥಳೀಯ ನಿವಾಸಿಗಳು ಹಾಗೂ ಸಾರ್ವಜನಿಕರು ತಪ್ಪದೇ ಭಾಗವಹಿಸಿ ಕನ್ನಡ ತಾಯಿಗೆ ಗೌರವ ಸಲ್ಲಿಸಬೇಕು, ಮತ್ತು ಯಶಸ್ವಿಗೊಳಿಸಬೇಕೆಂದು ವೇದಿಕೆಯ ಅಧ್ಯಕ್ಷರು ಮನವಿ ಮಾಡಿದ್ದಾರೆ.
ಬೆಂಕಿಗೆ ಗುಡಿಸಲು ಮನೆ ಸಂಪೂರ್ಣ ಭಸ್ಮ
ಪಾವಗಡ : ತಾಲೂಕಿನ ಹರಿಹರಪುರ ಗ್ರಾಮದಲ್ಲಿ ಬೆಂಕಿ ತಗುಲಿ ಗುಡಿಸಲು ಮನೆ ಸಂಪೂರ್ಣ ಸುಟ್ಟು ಹೋಗಿದ್ದ ಹಿನ್ನೆಲೆ ಸಂತ್ರಸ್ತರಿಗೆ ಶಾಸಕ ಎಚ್.ವಿ.ವೆಂಕಟೇಶ್ ಆರ್ಥಿಕ ನೆರವನ್ನ ನೀಡಿದರು. ಪಾವಗಡ ತಾಲೂಕಿನ ಹರಿಹರಪುರ ಗ್ರಾಮದ ಭೂಪತ್ತೆಮ್ಮ ಮತ್ತು ದೊಡ್ಡಣ್ಣ ದಂಪತಿಗಳು ಕೂಲಿ ಕಾರ್ಮಿಕರಾಗಿ ಜೀವನ ನಡೆಸುತ್ತಿದ್ದರು. ಗುಡಿಸಲಿನಲ್ಲಿ ವಾಸವಾಗಿದ್ದ ಇವರ ಮನೆಗೆ ಆಕಸ್ಮಿಕವಾಗಿ ಬೆಂಕಿ ತಗುಲಿ ಮನೆಯಲ್ಲಿದ್ದ ಬಟ್ಟೆ, ದವಸ ಧಾನ್ಯ, ದಾಖಲೆ ಪತ್ರಗಳು ಸೇರಿದಂತೆ ಎಲ್ಲವೂ ಸುಟ್ಟು ಭಸ್ಮವಾಗಿವೆ. ಪಟ್ಟಣದ ಶಾಸಕರ ಕಚೇರಿಯಲ್ಲಿ ಸಂತ್ರಸ್ತ ಕುಟುಂಬಕ್ಕೆ ಹಣ ನೀಡಿದ ಶಾಸಕರು, ಮನೆ ನಿರ್ಮಾಣಕ್ಕೆ ಸರ್ಕಾರದಿಂದ ಸಹಾಯ ಒದಗಿಸುವ ಭರವಸೆ ನೀಡಿದರು.
ನೀಡಿದರು, ಶಾಸಕರಾದ ಎಚ್.ವಿ.ವೆಂಕಟೇಶ್ ಸ್ಥಳೀಯ ಅಧಿಕಾರಿಗಳ ಜೊತೆ ಮಾತನಾಡಿ ಮನೆ ಕೊಡಿಸುವ ಭರವಸೆ ನೀಡಿ ಕುಟುಂಬದವರಿಗೆ ಆರ್ಥಿಕ ನೆರವನ್ನು ಕೂಡ ನೀಡಿದರು. ಶಾಸಕ ಎಚ್.ವಿ.ವೆಂಕಟೇಶ್ ಮಾತನಾಡಿ ಬೆಂಕಿಯಿಂದ ಗುಡಿಸಲು ಮನೆ ಸಂಪೂರ್ಣ ಸುಟ್ಟು ಹೋಗಿದೆ ಈಗ ಅವರು ಇರಲು ಕೂಡ ಮನೆಯಿಲ್ಲದ ಪರಿಸ್ಥಿತಿ ನಿರ್ಮಾಣವಾಗಿದ್ದು, ಗ್ರಾಮದ ಪಿಡಿಒ ಮತ್ತು ತಹಶೀಲ್ದಾರ್ ರವರಿಂದ ಮಾಹಿತಿ ಪಡೆದಿದ್ದು ತಕ್ಷಣ ಮನೆ ಮಂಜೂರು ಮಾಡಲಾಗುತ್ತದೆ. ಅವರ ಕಷ್ಟಕ್ಕೆ ಹಣ ಕೈಜೋಡಿಸುವುದು ನಮ್ಮ ಕರ್ತವ್ಯ, ನಮ್ಮ ಕಾರ್ಯಕರ್ತರು ಅವರ ಜೊತೆ ಇದ್ದು ನೆರವು ಸಿಗುವಂತೆ ಮಾಡುತ್ತೇವೆ ಎಂದು ತಿಳಿಸಿದರು.
PRINTED BY: T.S.KRISHNAMURTHY, ANJANADRI PRINTERS, 4th CROSS, VINAYAKANAGARA, TUMAKURU-572101. KARNATAKA. PUBLISHED BY: T.S.KRISHNAMURTHY, THOVINAKERE (POST), KORATAGERE TALUK, TUMAKURU DIST - 572138. KARNATAKA. OWNED BY: T.S.KRISHNAMURTHY, THOVINAKERE (POST), KORATAGERE TALUK, TUMAKURU DIST - 572138. KARNATAKA. PRNTED AT: ANJANADRI PRINTERS, 4th CROSS, VINAYAKANAGARA, TUMAKURU-572101. KARNATAKA. PUBLISHED AT: TUMAKURU, THOVINAKERE (POST), KORATAGERE TALUK, TUMAKURU DIST - 572138. KARNATAKA. EDITOR: T.S.KRISHNAMURTHY, THOVINAKERE (POST), KORATAGERE TALUK, TUMAKURU DIST - 572138. KARNATAKA.
